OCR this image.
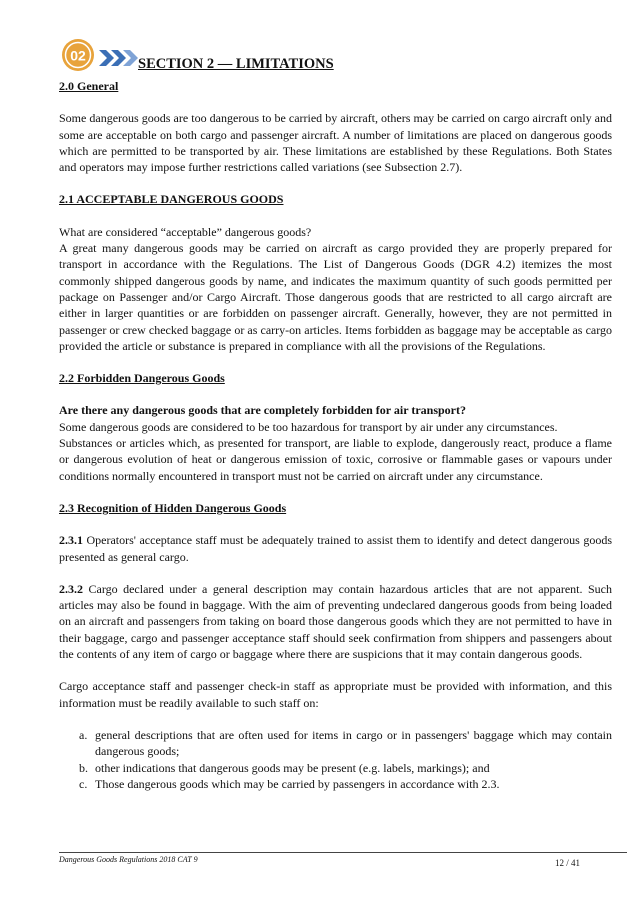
02
SECTION 2 — LIMITATIONS

2.0 General

Some dangerous goods are too dangerous to be carried by aircraft, others may be carried on cargo aircraft only and some are acceptable on both cargo and passenger aircraft. A number of limitations are placed on dangerous goods which are permitted to be transported by air. These limitations are established by these Regulations. Both States and operators may impose further restrictions called variations (see Subsection 2.7).

2.1 ACCEPTABLE DANGEROUS GOODS

What are considered “acceptable” dangerous goods?

A great many dangerous goods may be carried on aircraft as cargo provided they are properly prepared for transport in accordance with the Regulations. The List of Dangerous Goods (DGR 4.2) itemizes the most commonly shipped dangerous goods by name, and indicates the maximum quantity of such goods permitted per package on Passenger and/or Cargo Aircraft. Those dangerous goods that are restricted to all cargo aircraft are either in larger quantities or are forbidden on passenger aircraft. Generally, however, they are not permitted in passenger or crew checked baggage or as carry-on articles. Items forbidden as baggage may be acceptable as cargo provided the article or substance is prepared in compliance with all the provisions of the Regulations.

2.2 Forbidden Dangerous Goods

Are there any dangerous goods that are completely forbidden for air transport?

Some dangerous goods are considered to be too hazardous for transport by air under any circumstances.

Substances or articles which, as presented for transport, are liable to explode, dangerously react, produce a flame or dangerous evolution of heat or dangerous emission of toxic, corrosive or flammable gases or vapours under conditions normally encountered in transport must not be carried on aircraft under any circumstance.

2.3 Recognition of Hidden Dangerous Goods

2.3.1 Operators' acceptance staff must be adequately trained to assist them to identify and detect dangerous goods presented as general cargo.

2.3.2 Cargo declared under a general description may contain hazardous articles that are not apparent. Such articles may also be found in baggage. With the aim of preventing undeclared dangerous goods from being loaded on an aircraft and passengers from taking on board those dangerous goods which they are not permitted to have in their baggage, cargo and passenger acceptance staff should seek confirmation from shippers and passengers about the contents of any item of cargo or baggage where there are suspicions that it may contain dangerous goods.

Cargo acceptance staff and passenger check-in staff as appropriate must be provided with information, and this information must be readily available to such staff on:

a. general descriptions that are often used for items in cargo or in passengers' baggage which may contain dangerous goods;
b. other indications that dangerous goods may be present (e.g. labels, markings); and
c. Those dangerous goods which may be carried by passengers in accordance with 2.3.
Dangerous Goods Regulations 2018 CAT 9	12 / 41
